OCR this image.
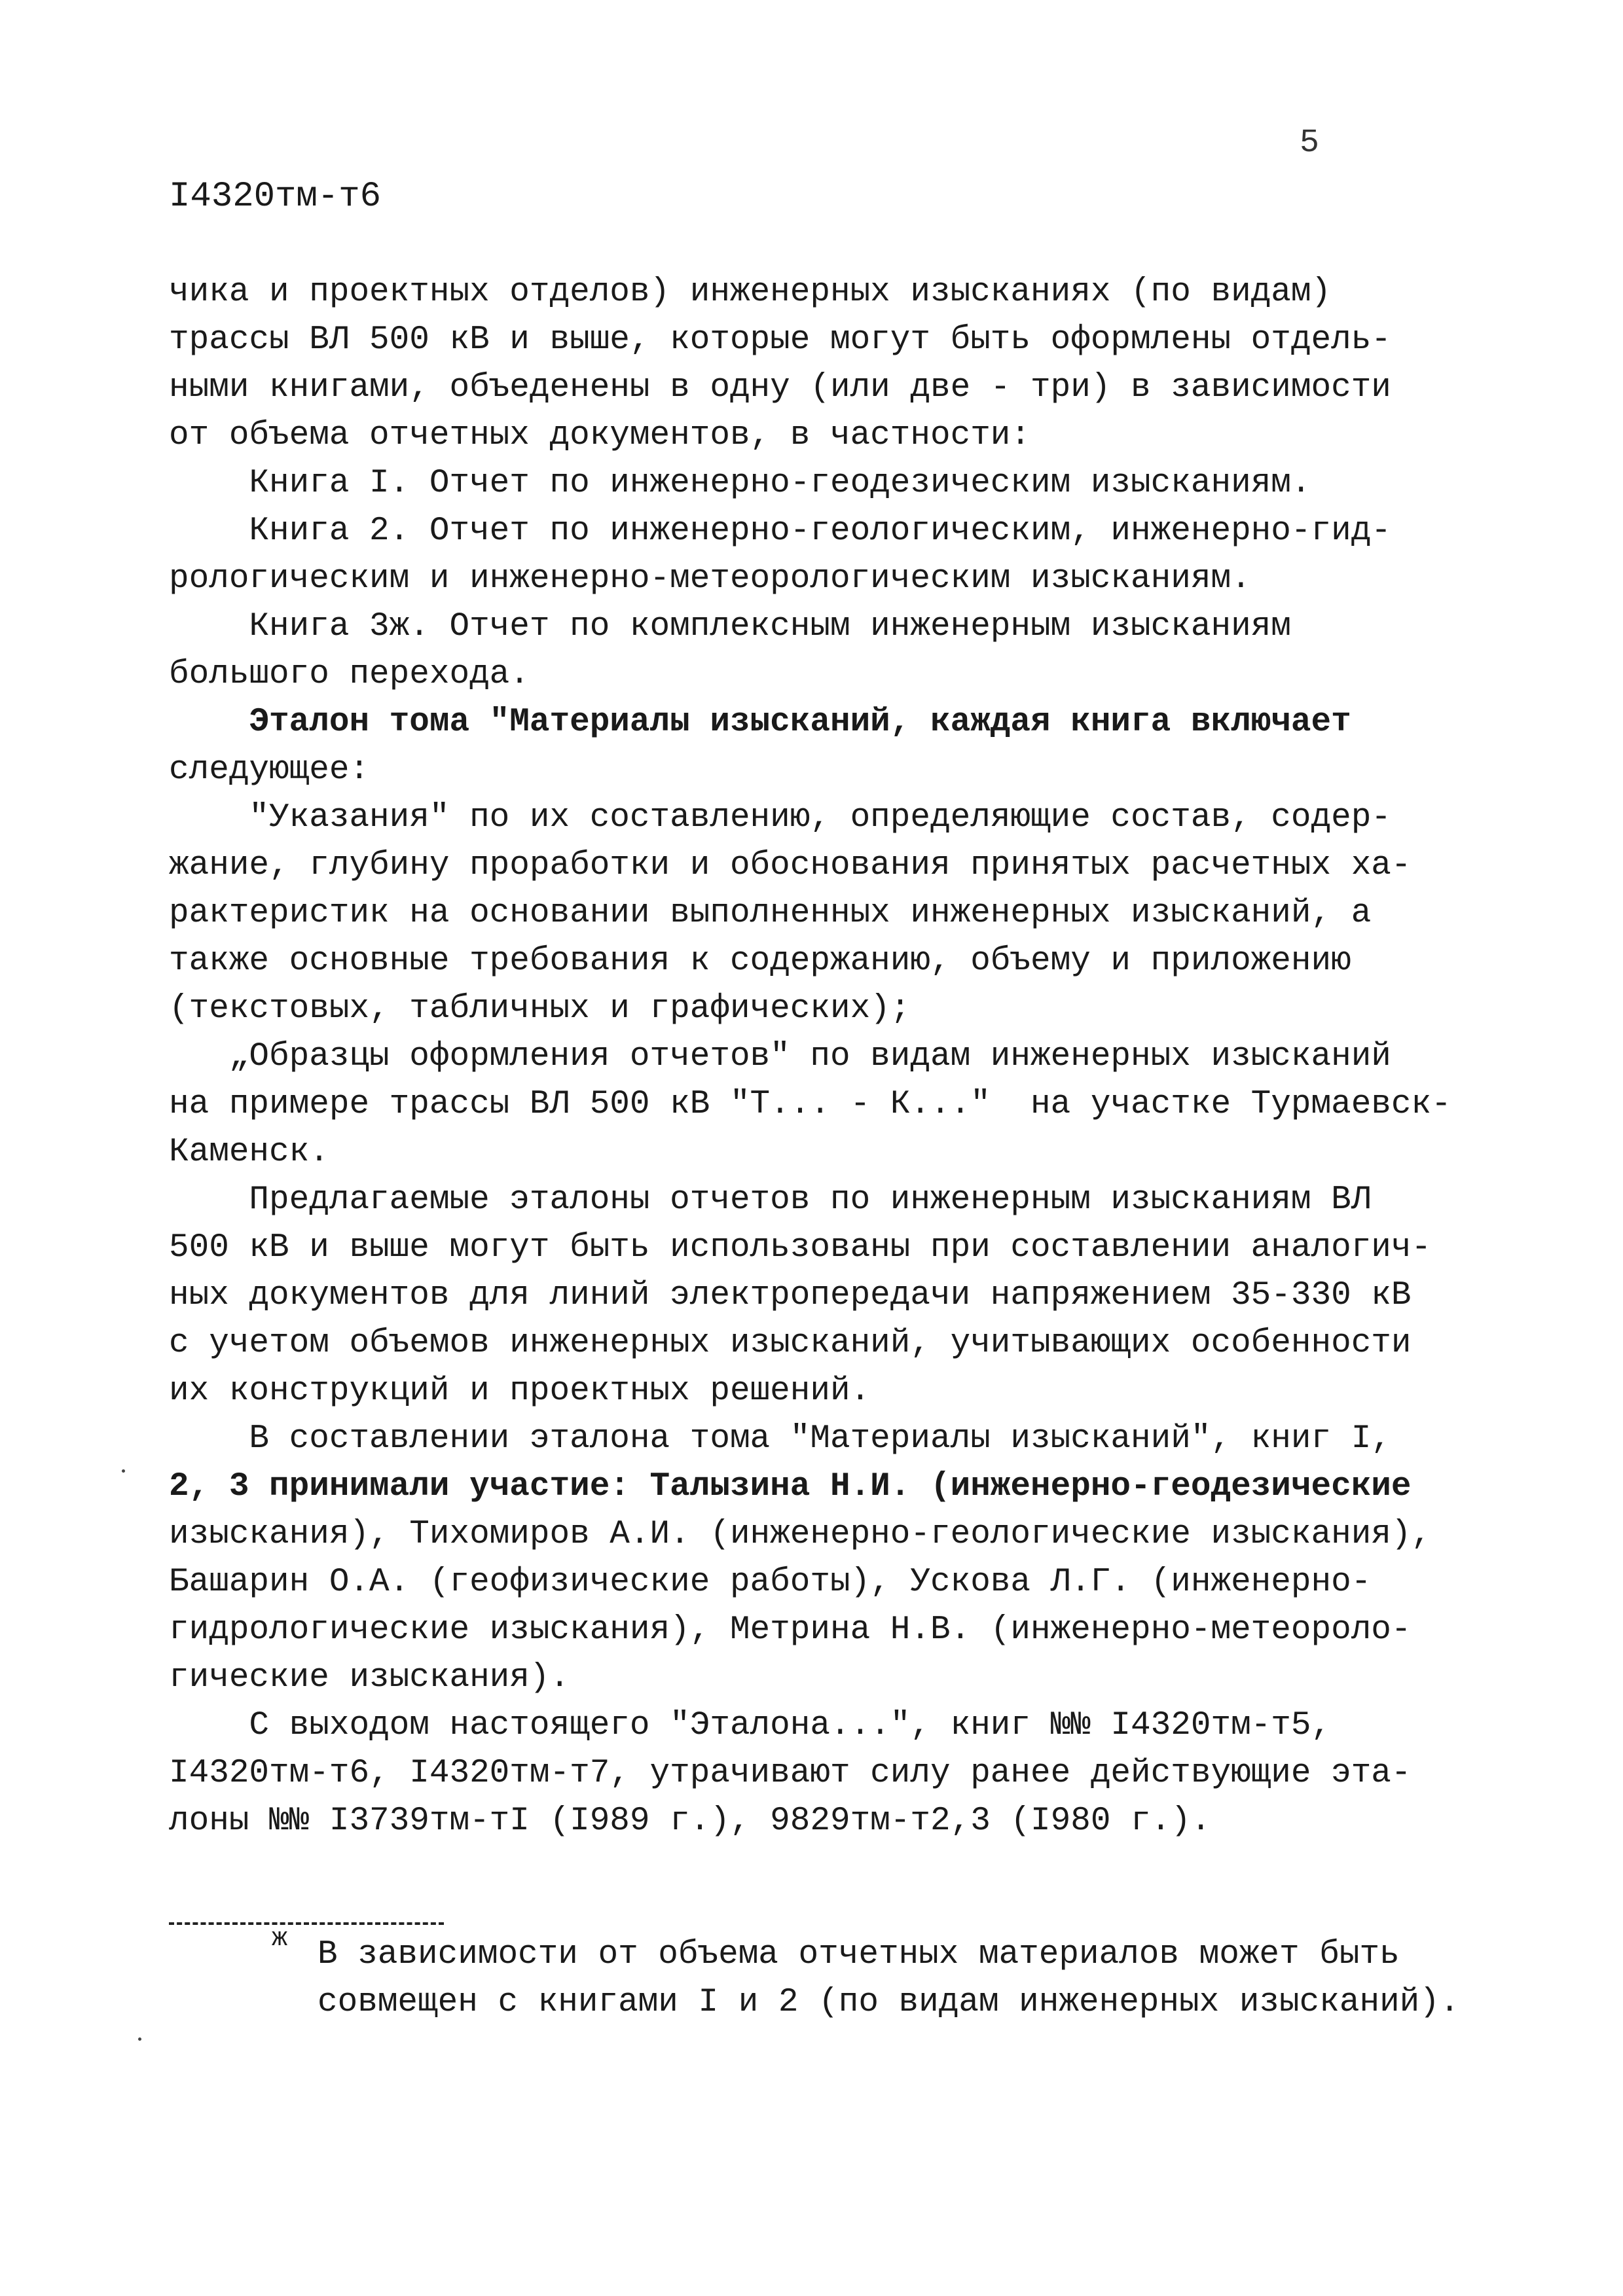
5
I4320тм-т6
чика и проектных отделов) инженерных изысканиях (по видам)
трассы ВЛ 500 кВ и выше, которые могут быть оформлены отдель-
ными книгами, объеденены в одну (или две - три) в зависимости
от объема отчетных документов, в частности:
Книга I. Отчет по инженерно-геодезическим изысканиям.
Книга 2. Отчет по инженерно-геологическим, инженерно-гид-
рологическим и инженерно-метеорологическим изысканиям.
Книга 3ж. Отчет по комплексным инженерным изысканиям
большого перехода.
Эталон тома "Материалы изысканий, каждая книга включает
следующее:
"Указания" по их составлению, определяющие состав, содер-
жание, глубину проработки и обоснования принятых расчетных ха-
рактеристик на основании выполненных инженерных изысканий, а
также основные требования к содержанию, объему и приложению
(текстовых, табличных и графических);
„Образцы оформления отчетов" по видам инженерных изысканий
на примере трассы ВЛ 500 кВ "Т... - К..."  на участке Турмаевск-
Каменск.
Предлагаемые эталоны отчетов по инженерным изысканиям ВЛ
500 кВ и выше могут быть использованы при составлении аналогич-
ных документов для линий электропередачи напряжением 35-330 кВ
с учетом объемов инженерных изысканий, учитывающих особенности
их конструкций и проектных решений.
В составлении эталона тома "Материалы изысканий", книг I,
2, 3 принимали участие: Талызина Н.И. (инженерно-геодезические
изыскания), Тихомиров А.И. (инженерно-геологические изыскания),
Башарин О.А. (геофизические работы), Ускова Л.Г. (инженерно-
гидрологические изыскания), Метрина Н.В. (инженерно-метеороло-
гические изыскания).
С выходом настоящего "Эталона...", книг №№ I4320тм-т5,
I4320тм-т6, I4320тм-т7, утрачивают силу ранее действующие эта-
лоны №№ I3739тм-тI (I989 г.), 9829тм-т2,3 (I980 г.).
ж В зависимости от объема отчетных материалов может быть
совмещен с книгами I и 2 (по видам инженерных изысканий).
